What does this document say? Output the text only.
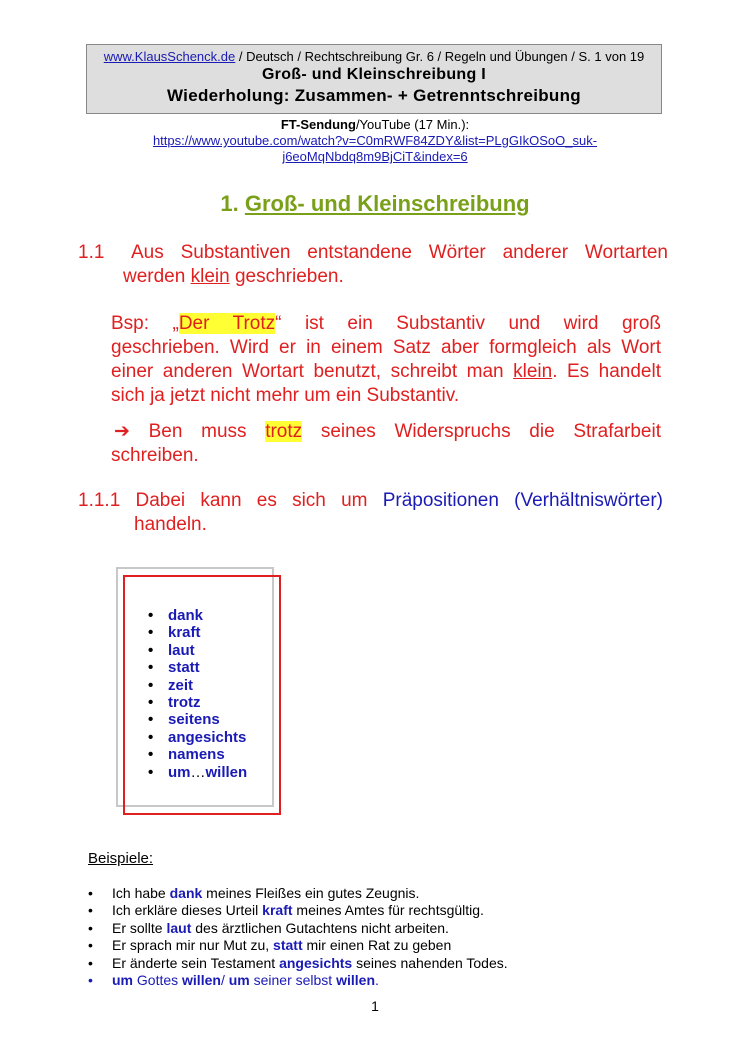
www.KlausSchenck.de / Deutsch / Rechtschreibung Gr. 6 / Regeln und Übungen / S. 1 von 19
Groß- und Kleinschreibung I
Wiederholung: Zusammen- + Getrenntschreibung
FT-Sendung/YouTube (17 Min.):
https://www.youtube.com/watch?v=C0mRWF84ZDY&list=PLgGIkOSoO_suk-
j6eoMqNbdq8m9BjCiT&index=6
1. Groß- und Kleinschreibung
1.1 Aus Substantiven entstandene Wörter anderer Wortarten
werden klein geschrieben.
Bsp: „Der Trotz“ ist ein Substantiv und wird groß
geschrieben. Wird er in einem Satz aber formgleich als Wort
einer anderen Wortart benutzt, schreibt man klein. Es handelt
sich ja jetzt nicht mehr um ein Substantiv.
➔ Ben muss trotz seines Widerspruchs die Strafarbeit
schreiben.
1.1.1 Dabei kann es sich um Präpositionen (Verhältniswörter)
handeln.
• dank
• kraft
• laut
• statt
• zeit
• trotz
• seitens
• angesichts
• namens
• um…willen
Beispiele:
• Ich habe dank meines Fleißes ein gutes Zeugnis.
• Ich erkläre dieses Urteil kraft meines Amtes für rechtsgültig.
• Er sollte laut des ärztlichen Gutachtens nicht arbeiten.
• Er sprach mir nur Mut zu, statt mir einen Rat zu geben
• Er änderte sein Testament angesichts seines nahenden Todes.
• um Gottes willen/ um seiner selbst willen.
1
